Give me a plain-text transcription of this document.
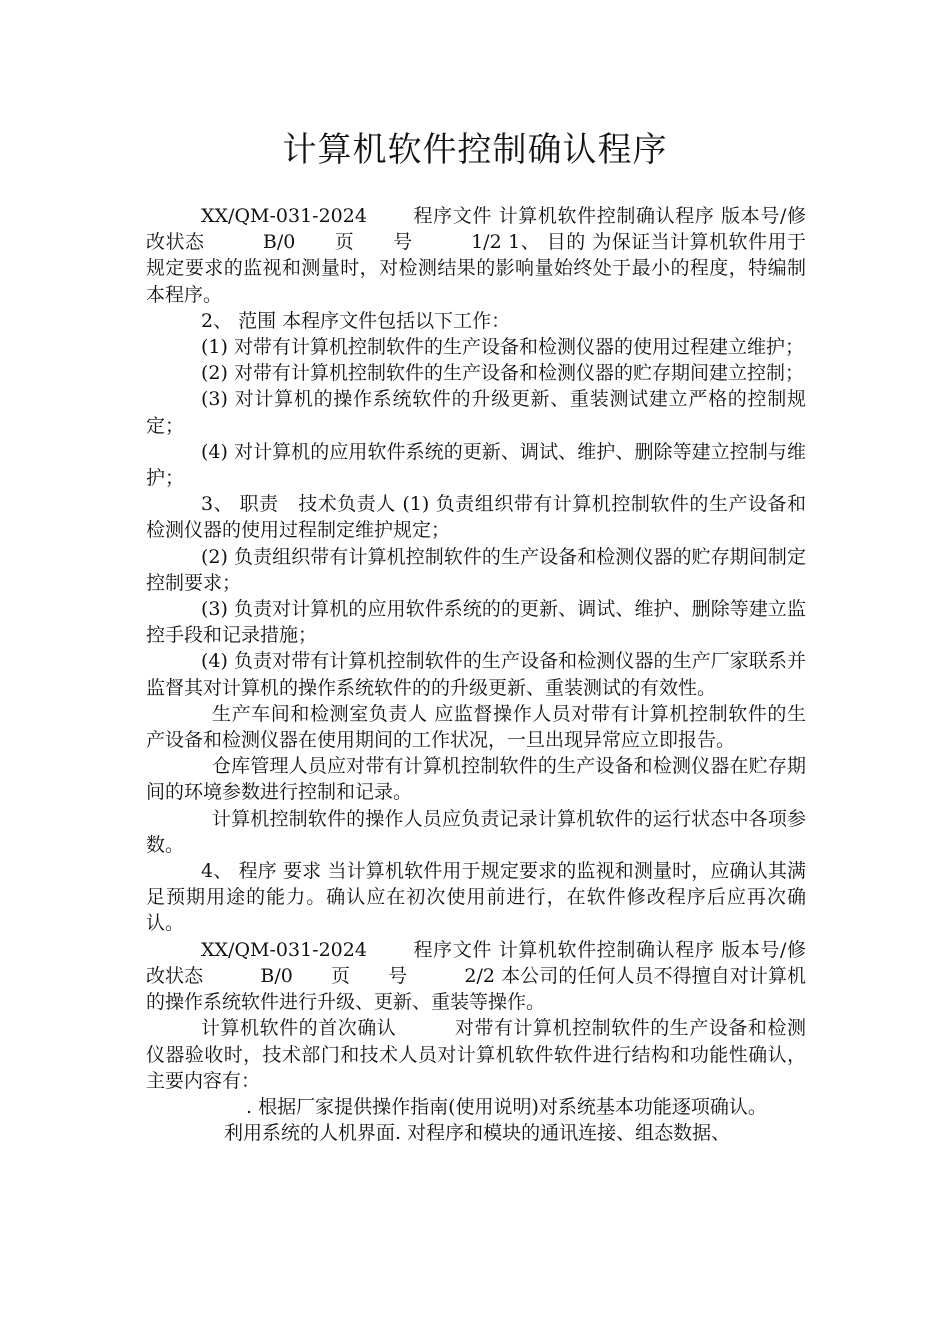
计算机软件控制确认程序

XX/QM-031-2024　　 程序文件 计算机软件控制确认程序 版本号/修改状态　　　B/0　　页　　号　　　1/2 1、 目的 为保证当计算机软件用于规定要求的监视和测量时，对检测结果的影响量始终处于最小的程度，特编制本程序。

2、 范围 本程序文件包括以下工作：

(1) 对带有计算机控制软件的生产设备和检测仪器的使用过程建立维护；

(2) 对带有计算机控制软件的生产设备和检测仪器的贮存期间建立控制；

(3) 对计算机的操作系统软件的升级更新、重装测试建立严格的控制规定；

(4) 对计算机的应用软件系统的更新、调试、维护、删除等建立控制与维护；

3、 职责　技术负责人 (1) 负责组织带有计算机控制软件的生产设备和检测仪器的使用过程制定维护规定；

(2) 负责组织带有计算机控制软件的生产设备和检测仪器的贮存期间制定控制要求；

(3) 负责对计算机的应用软件系统的的更新、调试、维护、删除等建立监控手段和记录措施；

(4) 负责对带有计算机控制软件的生产设备和检测仪器的生产厂家联系并监督其对计算机的操作系统软件的的升级更新、重装测试的有效性。

生产车间和检测室负责人 应监督操作人员对带有计算机控制软件的生产设备和检测仪器在使用期间的工作状况，一旦出现异常应立即报告。

仓库管理人员应对带有计算机控制软件的生产设备和检测仪器在贮存期间的环境参数进行控制和记录。

计算机控制软件的操作人员应负责记录计算机软件的运行状态中各项参数。

4、 程序 要求 当计算机软件用于规定要求的监视和测量时，应确认其满足预期用途的能力。确认应在初次使用前进行，在软件修改程序后应再次确认。

XX/QM-031-2024　　 程序文件 计算机软件控制确认程序 版本号/修改状态　　　B/0　　页　　号　　　2/2 本公司的任何人员不得擅自对计算机的操作系统软件进行升级、更新、重装等操作。

计算机软件的首次确认　　　对带有计算机控制软件的生产设备和检测仪器验收时，技术部门和技术人员对计算机软件软件进行结构和功能性确认，主要内容有：

. 根据厂家提供操作指南(使用说明)对系统基本功能逐项确认。

利用系统的人机界面. 对程序和模块的通讯连接、组态数据、
